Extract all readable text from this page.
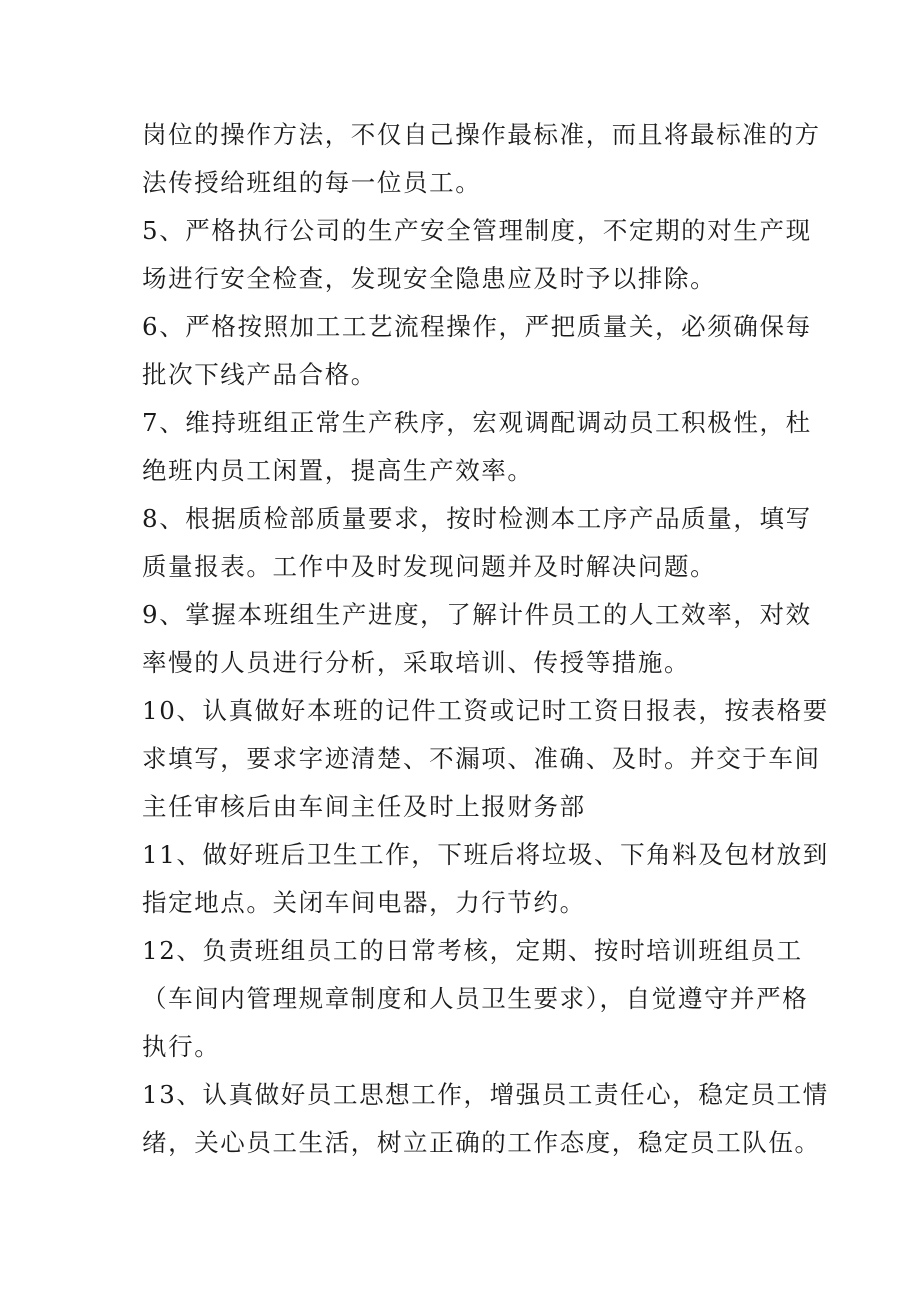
岗位的操作方法，不仅自己操作最标准，而且将最标准的方
法传授给班组的每一位员工。
5、严格执行公司的生产安全管理制度，不定期的对生产现
场进行安全检查，发现安全隐患应及时予以排除。
6、严格按照加工工艺流程操作，严把质量关，必须确保每
批次下线产品合格。
7、维持班组正常生产秩序，宏观调配调动员工积极性，杜
绝班内员工闲置，提高生产效率。
8、根据质检部质量要求，按时检测本工序产品质量，填写
质量报表。工作中及时发现问题并及时解决问题。
9、掌握本班组生产进度，了解计件员工的人工效率，对效
率慢的人员进行分析，采取培训、传授等措施。
10、认真做好本班的记件工资或记时工资日报表，按表格要
求填写，要求字迹清楚、不漏项、准确、及时。并交于车间
主任审核后由车间主任及时上报财务部
11、做好班后卫生工作，下班后将垃圾、下角料及包材放到
指定地点。关闭车间电器，力行节约。
12、负责班组员工的日常考核，定期、按时培训班组员工
（车间内管理规章制度和人员卫生要求），自觉遵守并严格
执行。
13、认真做好员工思想工作，增强员工责任心，稳定员工情
绪，关心员工生活，树立正确的工作态度，稳定员工队伍。
